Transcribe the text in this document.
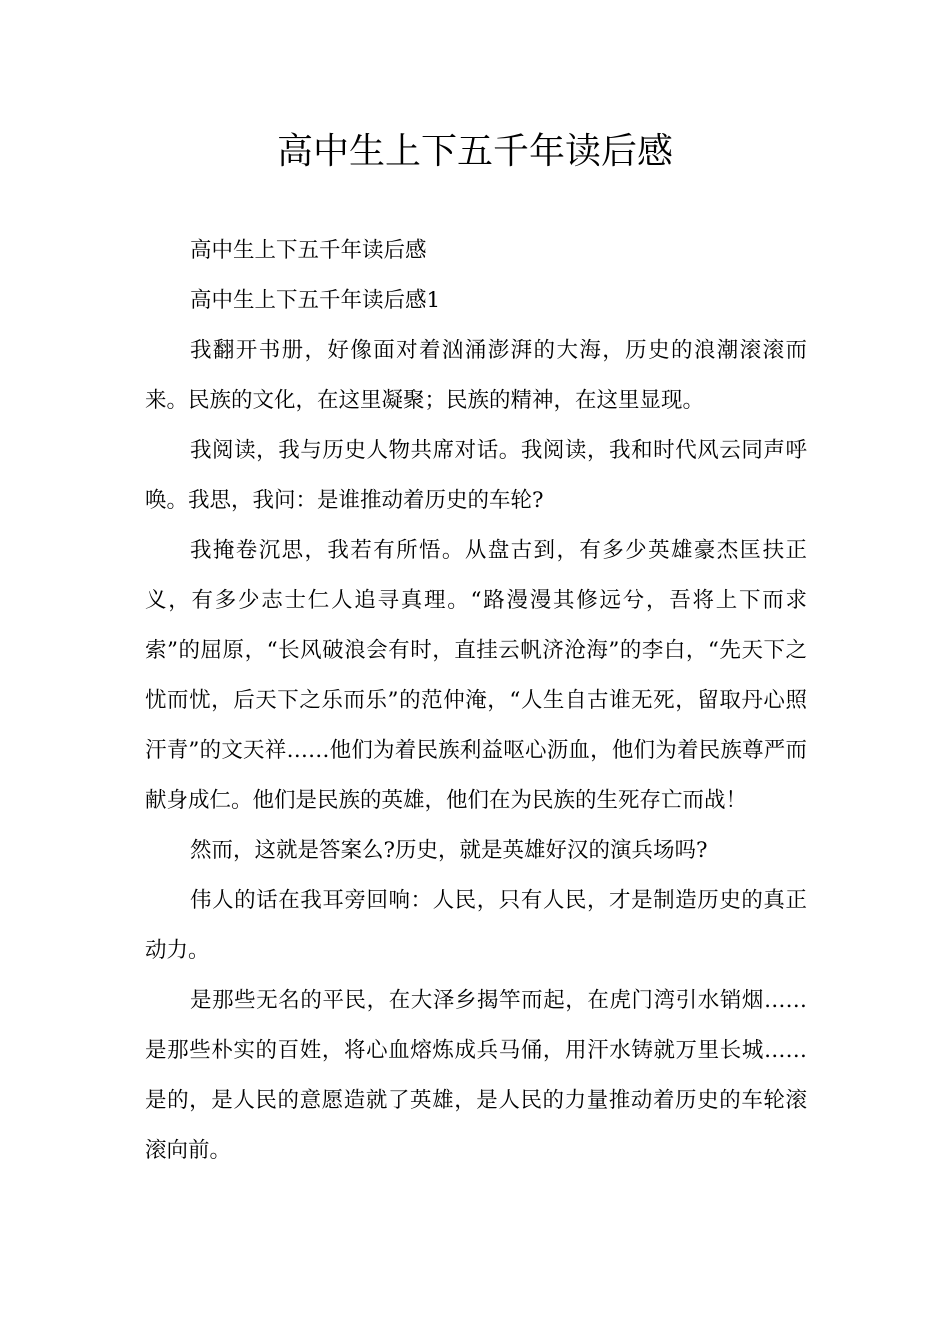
高中生上下五千年读后感

高中生上下五千年读后感

高中生上下五千年读后感1

我翻开书册，好像面对着汹涌澎湃的大海，历史的浪潮滚滚而来。民族的文化，在这里凝聚；民族的精神，在这里显现。

我阅读，我与历史人物共席对话。我阅读，我和时代风云同声呼唤。我思，我问：是谁推动着历史的车轮?

我掩卷沉思，我若有所悟。从盘古到，有多少英雄豪杰匡扶正义，有多少志士仁人追寻真理。“路漫漫其修远兮，吾将上下而求索”的屈原，“长风破浪会有时，直挂云帆济沧海”的李白，“先天下之忧而忧，后天下之乐而乐”的范仲淹，“人生自古谁无死，留取丹心照汗青”的文天祥……他们为着民族利益呕心沥血，他们为着民族尊严而献身成仁。他们是民族的英雄，他们在为民族的生死存亡而战！

然而，这就是答案么?历史，就是英雄好汉的演兵场吗?

伟人的话在我耳旁回响：人民，只有人民，才是制造历史的真正动力。

是那些无名的平民，在大泽乡揭竿而起，在虎门湾引水销烟……是那些朴实的百姓，将心血熔炼成兵马俑，用汗水铸就万里长城……是的，是人民的意愿造就了英雄，是人民的力量推动着历史的车轮滚滚向前。
